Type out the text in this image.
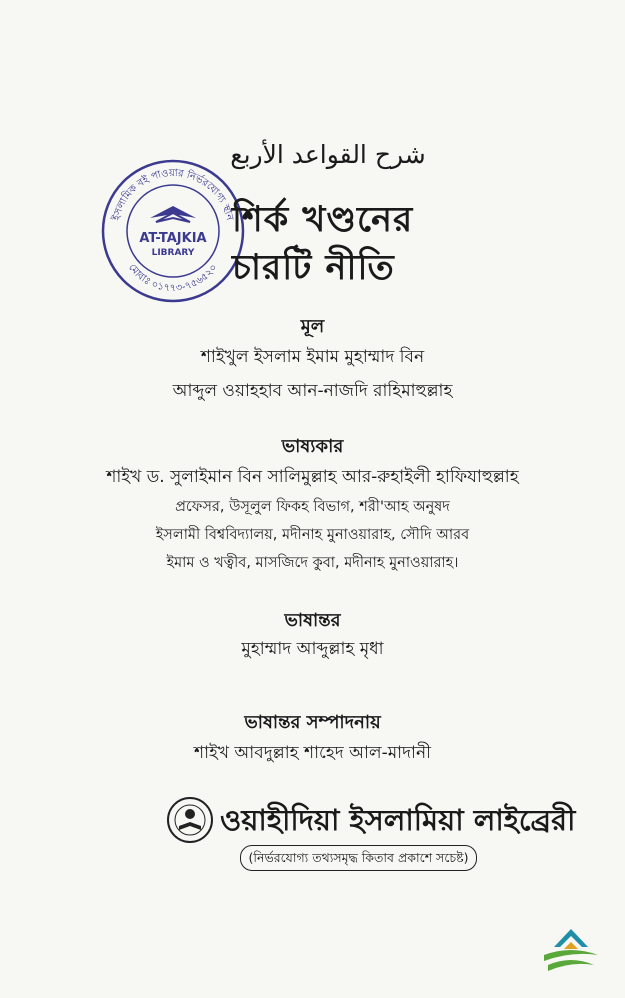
شرح القواعد الأربع
ইসলামিক বই পাওয়ার নির্ভরযোগ্য স্থান
মোবাঃ ০১৭৭৩-৭৫৬৫২০
AT-TAJKIA
LIBRARY
শির্ক খণ্ডনের
চারটি নীতি
মূল
শাইখুল ইসলাম ইমাম মুহাম্মাদ বিন
আব্দুল ওয়াহহাব আন-নাজদি রাহিমাহুল্লাহ
ভাষ্যকার
শাইখ ড. সুলাইমান বিন সালিমুল্লাহ আর-রুহাইলী হাফিযাহুল্লাহ
প্রফেসর, উসূলুল ফিকহ বিভাগ, শরী'আহ অনুষদ
ইসলামী বিশ্ববিদ্যালয়, মদীনাহ মুনাওয়ারাহ, সৌদি আরব
ইমাম ও খত্বীব, মাসজিদে কুবা, মদীনাহ মুনাওয়ারাহ।
ভাষান্তর
মুহাম্মাদ আব্দুল্লাহ মৃধা
ভাষান্তর সম্পাদনায়
শাইখ আবদুল্লাহ শাহেদ আল-মাদানী
ওয়াহীদিয়া ইসলামিয়া লাইব্রেরী
(নির্ভরযোগ্য তথ্যসমৃদ্ধ কিতাব প্রকাশে সচেষ্ট)
